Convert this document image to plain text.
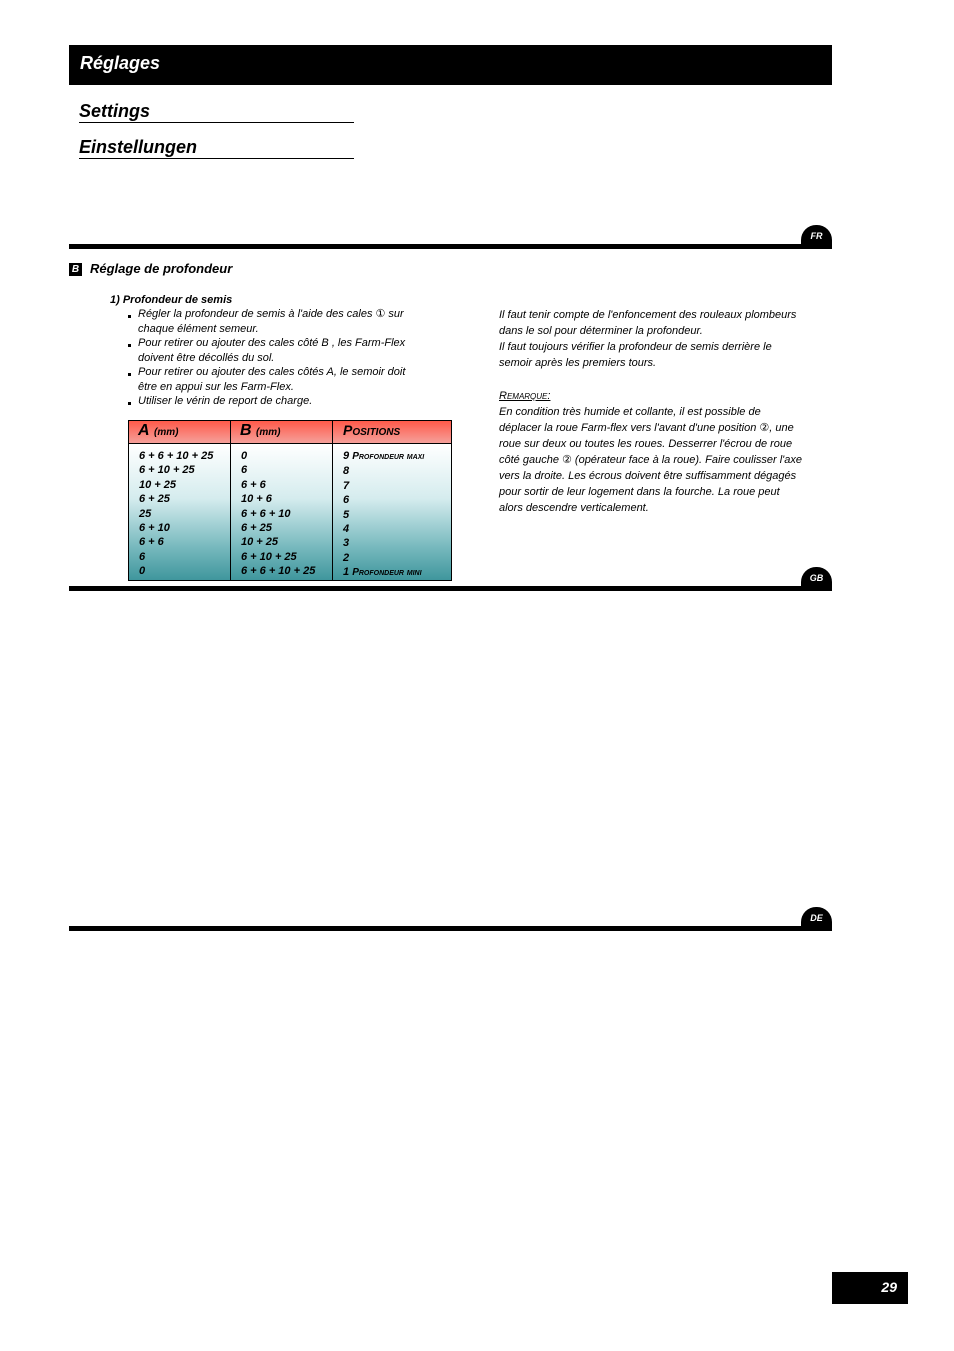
Réglages
Settings
Einstellungen
FR
B Réglage de profondeur
1) Profondeur de semis
Régler la profondeur de semis à l'aide des cales ① sur chaque élément semeur.
Pour retirer ou ajouter des cales côté B , les Farm-Flex doivent être décollés du sol.
Pour retirer ou ajouter des cales côtés A, le semoir doit être en appui sur les Farm-Flex.
Utiliser le vérin de report de charge.
A (mm)	B (mm)	Positions
6 + 6 + 10 + 25
6 + 10 + 25
10 + 25
6 + 25
25
6 + 10
6 + 6
6
0
0
6
6 + 6
10 + 6
6 + 6 + 10
6 + 25
10 + 25
6 + 10 + 25
6 + 6 + 10 + 25
9 Profondeur maxi
8
7
6
5
4
3
2
1 Profondeur mini
Il faut tenir compte de l'enfoncement des rouleaux plombeurs dans le sol pour déterminer la profondeur.
Il faut toujours vérifier la profondeur de semis derrière le semoir après les premiers tours.
Remarque:
En condition très humide et collante, il est possible de déplacer la roue Farm-flex vers l'avant d'une position ②, une roue sur deux ou toutes les roues. Desserrer l'écrou de roue côté gauche ② (opérateur face à la roue). Faire coulisser l'axe vers la droite. Les écrous doivent être suffisamment dégagés pour sortir de leur logement dans la fourche. La roue peut alors descendre verticalement.
GB
DE
29
